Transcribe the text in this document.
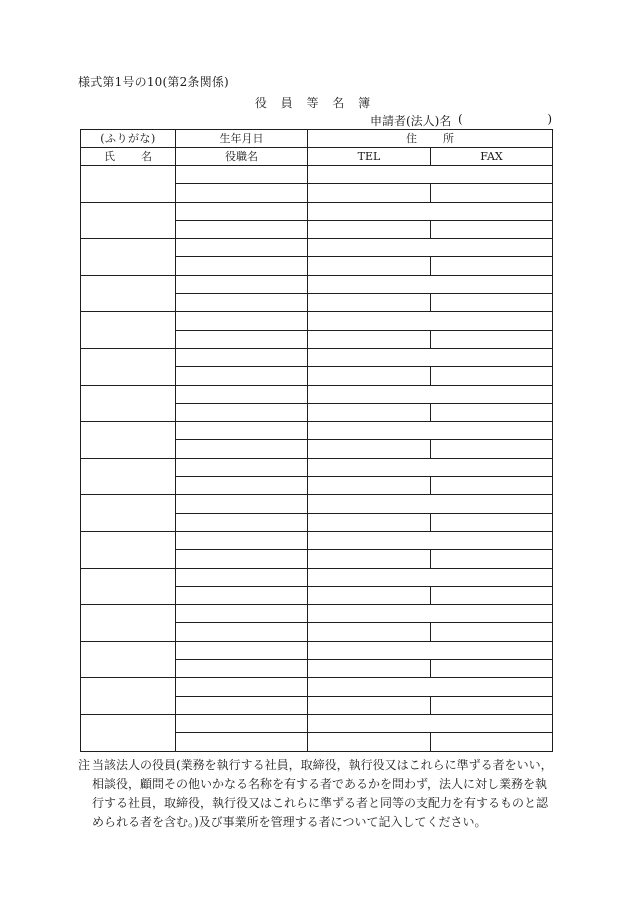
様式第1号の10(第2条関係)
役 員 等 名 簿
申請者(法人)名 (	)
(ふりがな)	生年月日	住 所	
氏 名	役職名	TEL	FAX

注 当該法人の役員(業務を執行する社員，取締役，執行役又はこれらに準ずる者をいい，相談役，顧問その他いかなる名称を有する者であるかを問わず，法人に対し業務を執行する社員，取締役，執行役又はこれらに準ずる者と同等の支配力を有するものと認められる者を含む。)及び事業所を管理する者について記入してください。
